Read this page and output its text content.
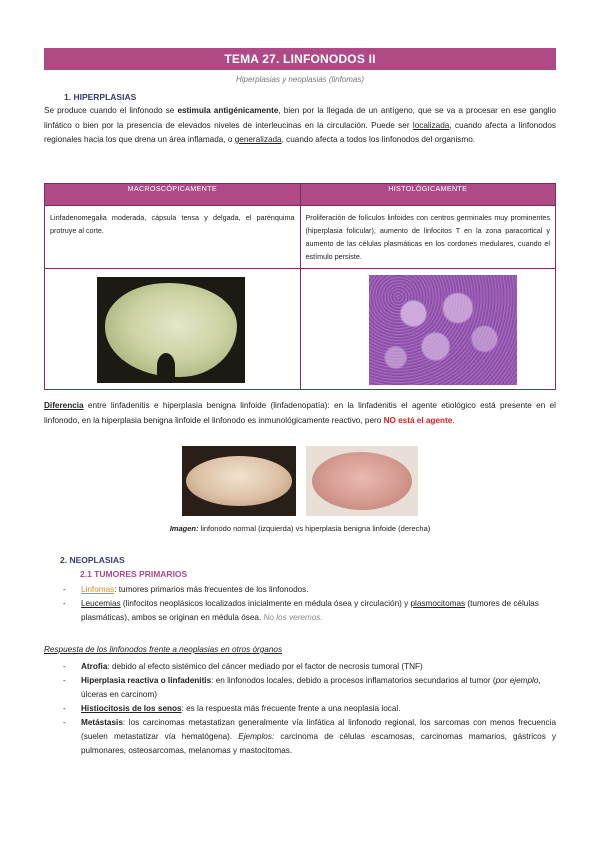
TEMA 27. LINFONODOS II
Hiperplasias y neoplasias (linfomas)
1. HIPERPLASIAS
Se produce cuando el linfonodo se estimula antigénicamente, bien por la llegada de un antígeno, que se va a procesar en ese ganglio linfático o bien por la presencia de elevados niveles de interleucinas en la circulación. Puede ser localizada, cuando afecta a linfonodos regionales hacia los que drena un área inflamada, o generalizada, cuando afecta a todos los linfonodos del organismo.
MACROSCÓPICAMENTE	HISTOLÓGICAMENTE

Linfadenomegalia moderada, cápsula tensa y delgada, el parénquima protruye al corte.	Proliferación de folículos linfoides con centros germinales muy prominentes (hiperplasia folicular), aumento de linfocitos T en la zona paracortical y aumento de las células plasmáticas en los cordones medulares, cuando el estímulo persiste.

Diferencia entre linfadenitis e hiperplasia benigna linfoide (linfadenopatía): en la linfadenitis el agente etiológico está presente en el linfonodo, en la hiperplasia benigna linfoide el linfonodo es inmunológicamente reactivo, pero NO está el agente.
Imagen: linfonodo normal (izquierda) vs hiperplasia benigna linfoide (derecha)
2. NEOPLASIAS
2.1 TUMORES PRIMARIOS
- Linfomas: tumores primarios más frecuentes de los linfonodos.
- Leucemias (linfocitos neoplásicos localizados inicialmente en médula ósea y circulación) y plasmocitomas (tumores de células plasmáticas), ambos se originan en médula ósea. No los veremos.
Respuesta de los linfonodos frente a neoplasias en otros órganos
- Atrofia: debido al efecto sistémico del cáncer mediado por el factor de necrosis tumoral (TNF)
- Hiperplasia reactiva o linfadenitis: en linfonodos locales, debido a procesos inflamatorios secundarios al tumor (por ejemplo, úlceras en carcinom)
- Histiocitosis de los senos: es la respuesta más frecuente frente a una neoplasia local.
- Metástasis: los carcinomas metastatizan generalmente vía linfática al linfonodo regional, los sarcomas con menos frecuencia (suelen metastatizar vía hematógena). Ejemplos: carcinoma de células escamosas, carcinomas mamarios, gástricos y pulmonares, osteosarcomas, melanomas y mastocitomas.
